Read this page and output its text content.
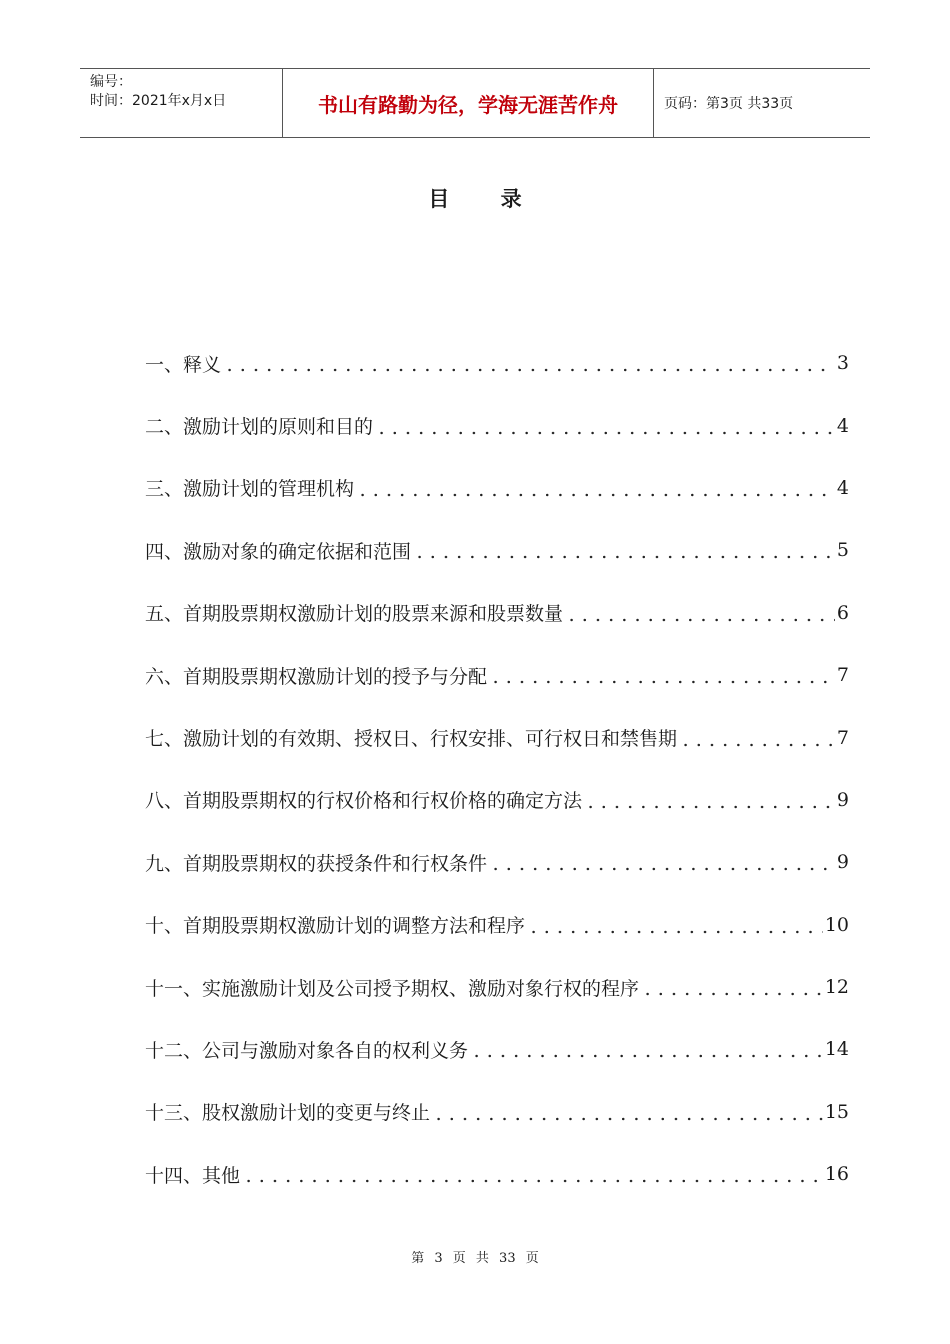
编号：
时间：2021年x月x日	书山有路勤为径，学海无涯苦作舟	页码：第3页 共33页
目 录
一、释义	3
二、激励计划的原则和目的	4
三、激励计划的管理机构	4
四、激励对象的确定依据和范围	5
五、首期股票期权激励计划的股票来源和股票数量	6
六、首期股票期权激励计划的授予与分配	7
七、激励计划的有效期、授权日、行权安排、可行权日和禁售期	7
八、首期股票期权的行权价格和行权价格的确定方法	9
九、首期股票期权的获授条件和行权条件	9
十、首期股票期权激励计划的调整方法和程序	10
十一、实施激励计划及公司授予期权、激励对象行权的程序	12
十二、公司与激励对象各自的权利义务	14
十三、股权激励计划的变更与终止	15
十四、其他	16
第 3 页 共 33 页
